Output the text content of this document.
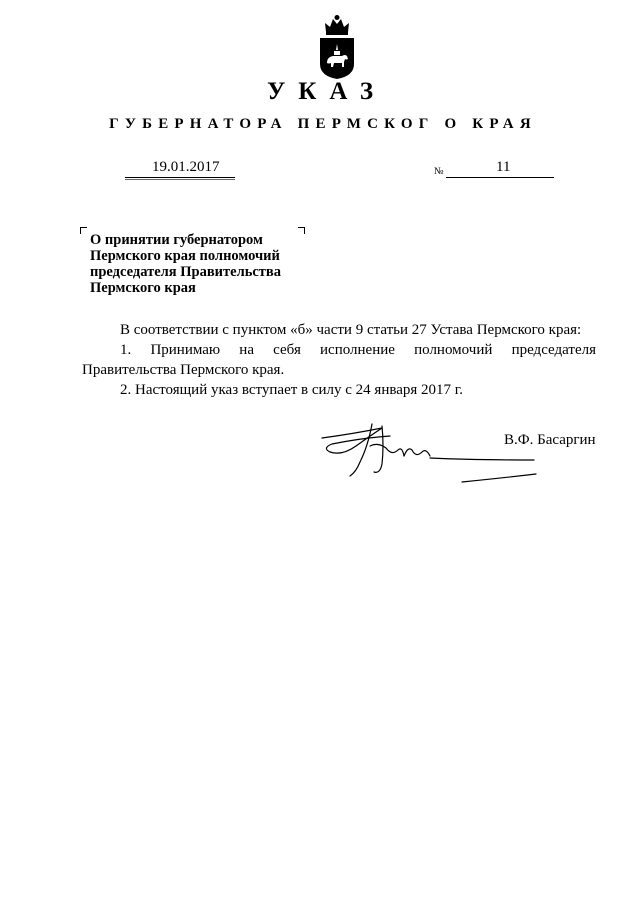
УКАЗ
ГУБЕРНАТОРА ПЕРМСКОГ О КРАЯ
19.01.2017	№	11
О принятии губернатором
Пермского края полномочий
председателя Правительства
Пермского края
В соответствии с пунктом «б» части 9 статьи 27 Устава Пермского края:
1. Принимаю на себя исполнение полномочий председателя Правительства Пермского края.
2. Настоящий указ вступает в силу с 24 января 2017 г.
В.Ф. Басаргин
